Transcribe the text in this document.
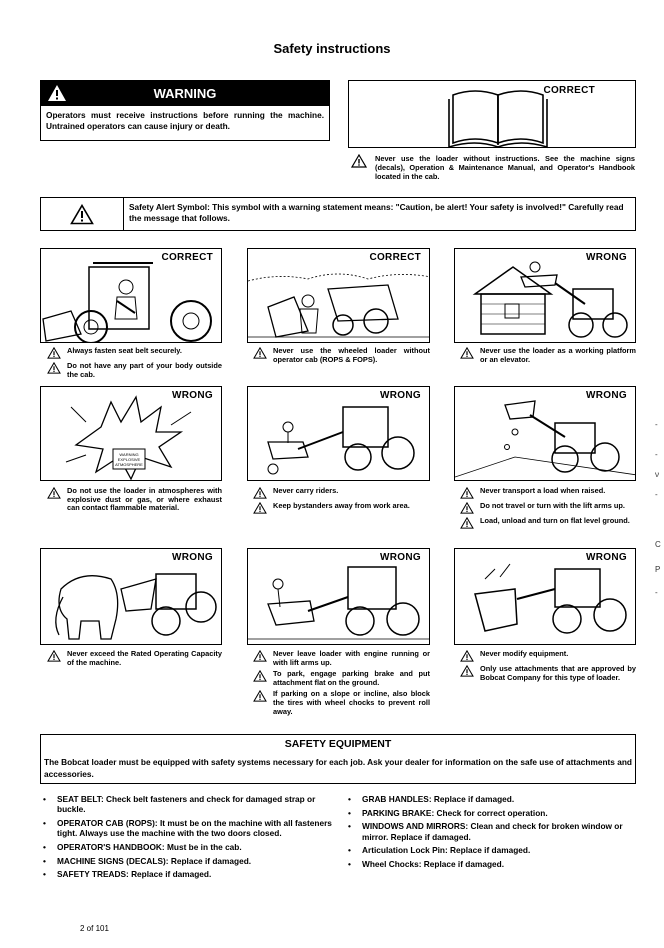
Safety instructions
WARNING
Operators must receive instructions before running the machine. Untrained operators can cause injury or death.
CORRECT
Never use the loader without instructions. See the machine signs (decals), Operation & Maintenance Manual, and Operator's Handbook located in the cab.
Safety Alert Symbol: This symbol with a warning statement means: "Caution, be alert! Your safety is involved!" Carefully read the message that follows.
CORRECT	CORRECT	WRONG
Always fasten seat belt securely.
Do not have any part of your body outside the cab.
Never use the wheeled loader without operator cab (ROPS & FOPS).
Never use the loader as a working platform or an elevator.
WARNING
EXPLOSIVE
ATMOSPHERE
WRONG	WRONG	WRONG
Do not use the loader in atmospheres with explosive dust or gas, or where exhaust can contact flammable material.
Never carry riders.
Keep bystanders away from work area.
Never transport a load when raised.
Do not travel or turn with the lift arms up.
Load, unload and turn on flat level ground.
WRONG	WRONG	WRONG
Never exceed the Rated Operating Capacity of the machine.
Never leave loader with engine running or with lift arms up.
To park, engage parking brake and put attachment flat on the ground.
If parking on a slope or incline, also block the tires with wheel chocks to prevent roll away.
Never modify equipment.
Only use attachments that are approved by Bobcat Company for this type of loader.
SAFETY EQUIPMENT
The Bobcat loader must be equipped with safety systems necessary for each job. Ask your dealer for information on the safe use of attachments and accessories.
• SEAT BELT: Check belt fasteners and check for damaged strap or buckle.
• OPERATOR CAB (ROPS): It must be on the machine with all fasteners tight. Always use the machine with the two doors closed.
• OPERATOR'S HANDBOOK: Must be in the cab.
• MACHINE SIGNS (DECALS): Replace if damaged.
• SAFETY TREADS: Replace if damaged.
• GRAB HANDLES: Replace if damaged.
• PARKING BRAKE: Check for correct operation.
• WINDOWS AND MIRRORS: Clean and check for broken window or mirror. Replace if damaged.
• Articulation Lock Pin: Replace if damaged.
• Wheel Chocks: Replace if damaged.
-
-
ν
-
C
Ρ
-
2 of 101
